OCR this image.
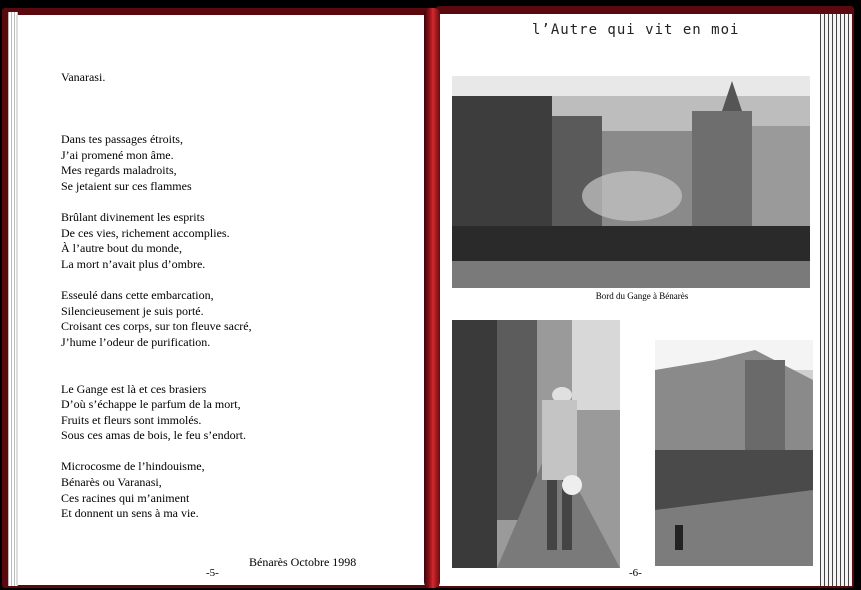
Vanarasi.
Dans tes passages étroits,
J’ai promené mon âme.
Mes regards maladroits,
Se jetaient sur ces flammes
Brûlant divinement les esprits
De ces vies, richement accomplies.
À l’autre bout du monde,
La mort n’avait plus d’ombre.
Esseulé dans cette embarcation,
Silencieusement je suis porté.
Croisant ces corps, sur ton fleuve sacré,
J’hume l’odeur de purification.
Le Gange est là et ces brasiers
D’où s’échappe le parfum de la mort,
Fruits et fleurs sont immolés.
Sous ces amas de bois, le feu s’endort.
Microcosme de l’hindouisme,
Bénarès ou Varanasi,
Ces racines qui m’animent
Et donnent un sens à ma vie.
Bénarès Octobre 1998
-5-
l’Autre qui vit en moi
Bord du Gange à Bénarès
-6-
